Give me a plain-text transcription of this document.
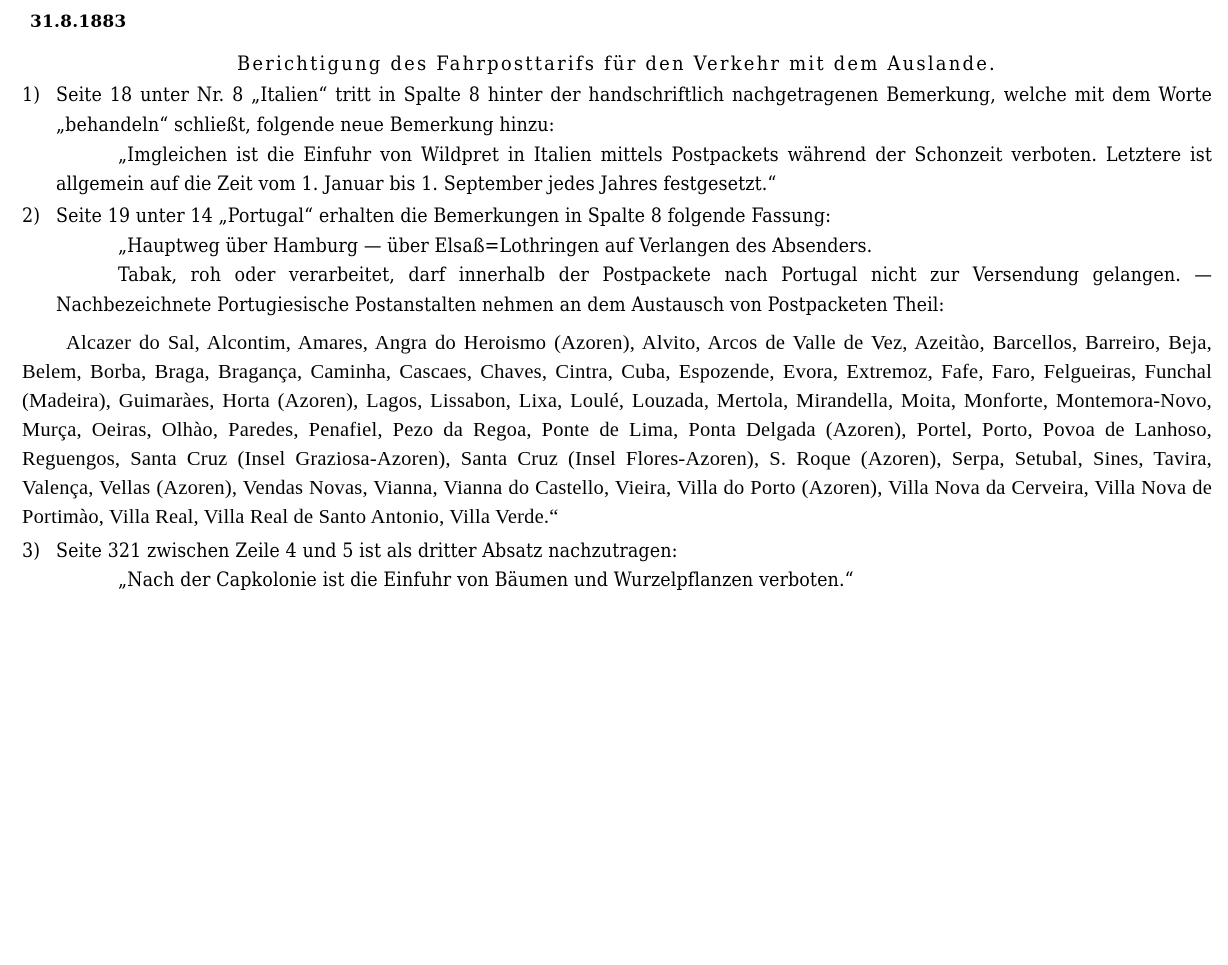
31.8.1883
Berichtigung des Fahrposttarifs für den Verkehr mit dem Auslande.
1) Seite 18 unter Nr. 8 „Italien“ tritt in Spalte 8 hinter der handschriftlich nachgetragenen Bemerkung, welche mit dem Worte „behandeln“ schließt, folgende neue Bemerkung hinzu:

„Imgleichen ist die Einfuhr von Wildpret in Italien mittels Postpackets während der Schonzeit verboten. Letztere ist allgemein auf die Zeit vom 1. Januar bis 1. September jedes Jahres festgesetzt.“

2) Seite 19 unter 14 „Portugal“ erhalten die Bemerkungen in Spalte 8 folgende Fassung:

„Hauptweg über Hamburg — über Elsaß=Lothringen auf Verlangen des Absenders.

Tabak, roh oder verarbeitet, darf innerhalb der Postpackete nach Portugal nicht zur Versendung gelangen. — Nachbezeichnete Portugiesische Postanstalten nehmen an dem Austausch von Postpacketen Theil:

Alcazer do Sal, Alcontim, Amares, Angra do Heroismo (Azoren), Alvito, Arcos de Valle de Vez, Azeitào, Barcellos, Barreiro, Beja, Belem, Borba, Braga, Bragança, Caminha, Cascaes, Chaves, Cintra, Cuba, Espozende, Evora, Extremoz, Fafe, Faro, Felgueiras, Funchal (Madeira), Guimaràes, Horta (Azoren), Lagos, Lissabon, Lixa, Loulé, Louzada, Mertola, Mirandella, Moita, Monforte, Montemora-Novo, Murça, Oeiras, Olhào, Paredes, Penafiel, Pezo da Regoa, Ponte de Lima, Ponta Delgada (Azoren), Portel, Porto, Povoa de Lanhoso, Reguengos, Santa Cruz (Insel Graziosa-Azoren), Santa Cruz (Insel Flores-Azoren), S. Roque (Azoren), Serpa, Setubal, Sines, Tavira, Valença, Vellas (Azoren), Vendas Novas, Vianna, Vianna do Castello, Vieira, Villa do Porto (Azoren), Villa Nova da Cerveira, Villa Nova de Portimào, Villa Real, Villa Real de Santo Antonio, Villa Verde.“
3) Seite 321 zwischen Zeile 4 und 5 ist als dritter Absatz nachzutragen:

„Nach der Capkolonie ist die Einfuhr von Bäumen und Wurzelpflanzen verboten.“
